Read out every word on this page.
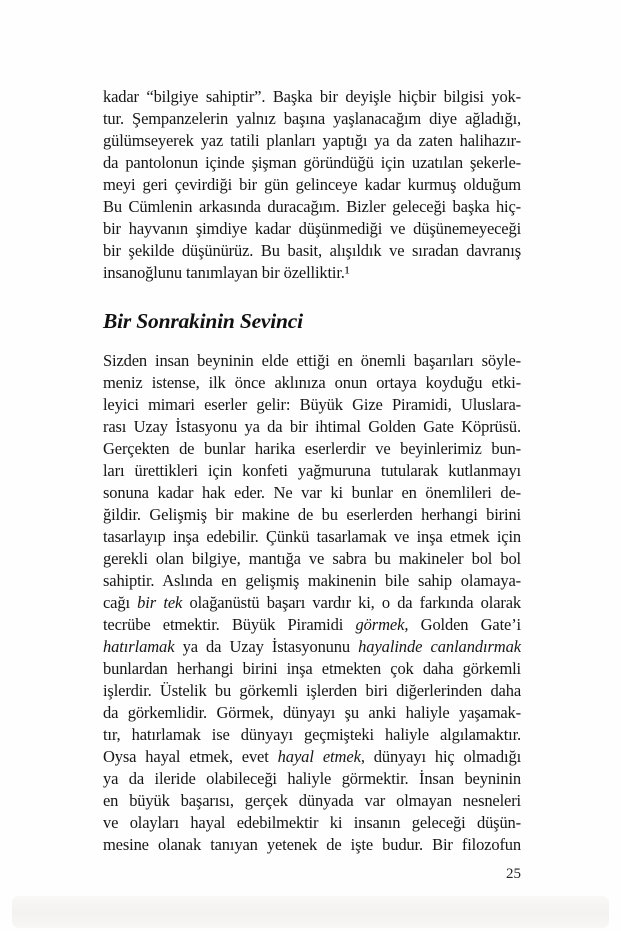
kadar “bilgiye sahiptir”. Başka bir deyişle hiçbir bilgisi yok-
tur. Şempanzelerin yalnız başına yaşlanacağım diye ağladığı,
gülümseyerek yaz tatili planları yaptığı ya da zaten halihazır-
da pantolonun içinde şişman göründüğü için uzatılan şekerle-
meyi geri çevirdiği bir gün gelinceye kadar kurmuş olduğum
Bu Cümlenin arkasında duracağım. Bizler geleceği başka hiç-
bir hayvanın şimdiye kadar düşünmediği ve düşünemeyeceği
bir şekilde düşünürüz. Bu basit, alışıldık ve sıradan davranış
insanoğlunu tanımlayan bir özelliktir.¹
Bir Sonrakinin Sevinci
Sizden insan beyninin elde ettiği en önemli başarıları söyle-
meniz istense, ilk önce aklınıza onun ortaya koyduğu etki-
leyici mimari eserler gelir: Büyük Gize Piramidi, Uluslara-
rası Uzay İstasyonu ya da bir ihtimal Golden Gate Köprüsü.
Gerçekten de bunlar harika eserlerdir ve beyinlerimiz bun-
ları ürettikleri için konfeti yağmuruna tutularak kutlanmayı
sonuna kadar hak eder. Ne var ki bunlar en önemlileri de-
ğildir. Gelişmiş bir makine de bu eserlerden herhangi birini
tasarlayıp inşa edebilir. Çünkü tasarlamak ve inşa etmek için
gerekli olan bilgiye, mantığa ve sabra bu makineler bol bol
sahiptir. Aslında en gelişmiş makinenin bile sahip olamaya-
cağı bir tek olağanüstü başarı vardır ki, o da farkında olarak
tecrübe etmektir. Büyük Piramidi görmek, Golden Gate’i
hatırlamak ya da Uzay İstasyonunu hayalinde canlandırmak
bunlardan herhangi birini inşa etmekten çok daha görkemli
işlerdir. Üstelik bu görkemli işlerden biri diğerlerinden daha
da görkemlidir. Görmek, dünyayı şu anki haliyle yaşamak-
tır, hatırlamak ise dünyayı geçmişteki haliyle algılamaktır.
Oysa hayal etmek, evet hayal etmek, dünyayı hiç olmadığı
ya da ileride olabileceği haliyle görmektir. İnsan beyninin
en büyük başarısı, gerçek dünyada var olmayan nesneleri
ve olayları hayal edebilmektir ki insanın geleceği düşün-
mesine olanak tanıyan yetenek de işte budur. Bir filozofun
25
